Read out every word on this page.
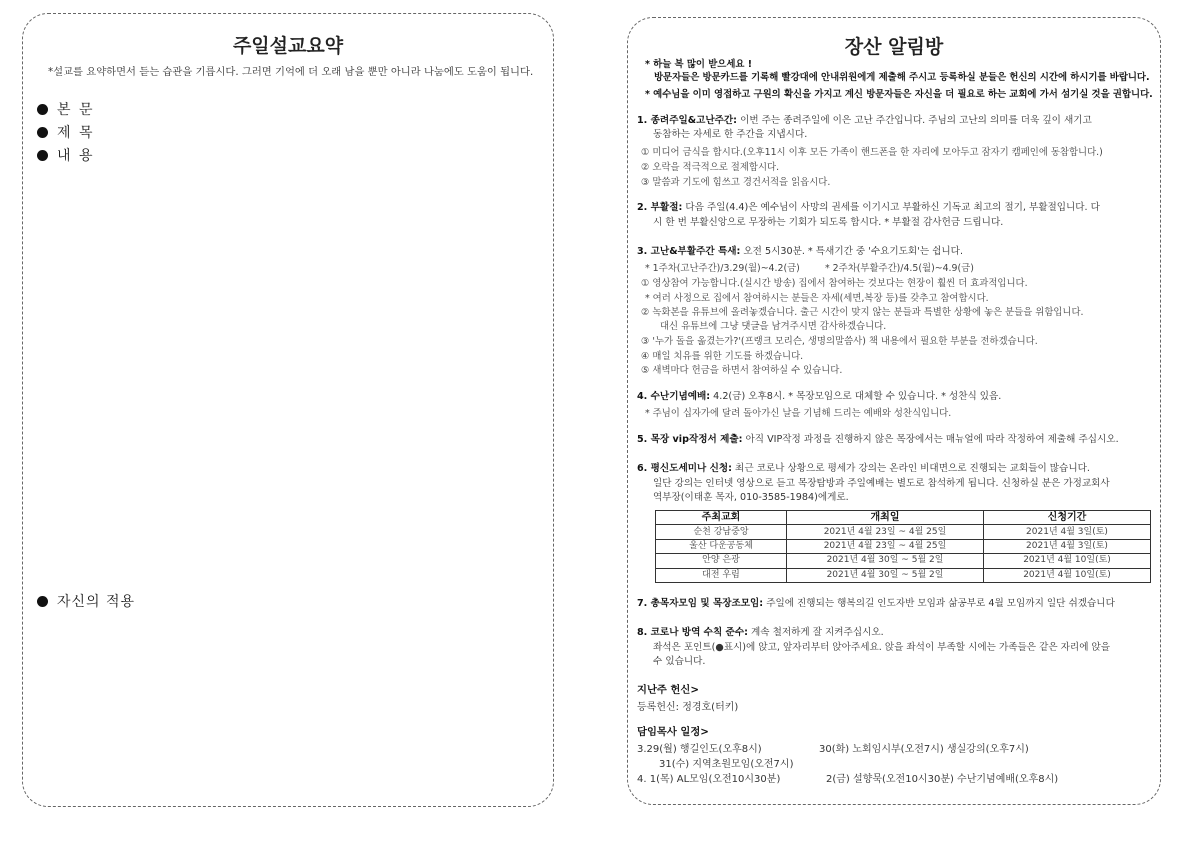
주일설교요약
*설교를 요약하면서 듣는 습관을 기릅시다. 그러면 기억에 더 오래 남을 뿐만 아니라 나눔에도 도움이 됩니다.
본 문
제 목
내 용
자신의 적용
장산 알림방
* 하늘 복 많이 받으세요 !
방문자들은 방문카드를 기록해 빨강대에 안내위원에게 제출해 주시고 등록하실 분들은 헌신의 시간에 하시기를 바랍니다.
* 예수님을 이미 영접하고 구원의 확신을 가지고 계신 방문자들은 자신을 더 필요로 하는 교회에 가서 섬기실 것을 권합니다.
1. 종려주일&고난주간: 이번 주는 종려주일에 이은 고난 주간입니다. 주님의 고난의 의미를 더욱 깊이 새기고
동참하는 자세로 한 주간을 지냅시다.
① 미디어 금식을 합시다.(오후11시 이후 모든 가족이 핸드폰을 한 자리에 모아두고 잠자기 캠페인에 동참합니다.)
② 오락을 적극적으로 절제합시다.
③ 말씀과 기도에 힘쓰고 경건서적을 읽읍시다.
2. 부활절: 다음 주일(4.4)은 예수님이 사망의 권세를 이기시고 부활하신 기독교 최고의 절기, 부활절입니다. 다
시 한 번 부활신앙으로 무장하는 기회가 되도록 합시다. * 부활절 감사헌금 드립니다.
3. 고난&부활주간 특새: 오전 5시30분. * 특새기간 중 '수요기도회'는 쉽니다.
* 1주차(고난주간)/3.29(월)~4.2(금)	* 2주차(부활주간)/4.5(월)~4.9(금)
① 영상참여 가능합니다.(실시간 방송) 집에서 참여하는 것보다는 현장이 훨씬 더 효과적입니다.
* 여러 사정으로 집에서 참여하시는 분들은 자세(세면,복장 등)를 갖추고 참여합시다.
② 녹화본을 유튜브에 올려놓겠습니다. 출근 시간이 맞지 않는 분들과 특별한 상황에 놓은 분들을 위함입니다.
대신 유튜브에 그냥 댓글을 남겨주시면 감사하겠습니다.
③ '누가 돌을 옮겼는가?'(프랭크 모리슨, 생명의말씀사) 책 내용에서 필요한 부분을 전하겠습니다.
④ 매일 치유를 위한 기도를 하겠습니다.
⑤ 새벽마다 헌금을 하면서 참여하실 수 있습니다.
4. 수난기념예배: 4.2(금) 오후8시. * 목장모임으로 대체할 수 있습니다. * 성찬식 있음.
* 주님이 십자가에 달려 돌아가신 날을 기념해 드리는 예배와 성찬식입니다.
5. 목장 vip작정서 제출: 아직 VIP작정 과정을 진행하지 않은 목장에서는 매뉴얼에 따라 작정하여 제출해 주십시오.
6. 평신도세미나 신청: 최근 코로나 상황으로 평세가 강의는 온라인 비대면으로 진행되는 교회들이 많습니다.
일단 강의는 인터넷 영상으로 듣고 목장탐방과 주일예배는 별도로 참석하게 됩니다. 신청하실 분은 가정교회사
역부장(이태훈 목자, 010-3585-1984)에게로.
주최교회	개최일	신청기간
순천 강남중앙	2021년 4월 23일 ~ 4월 25일	2021년 4월 3일(토)
울산 다운공동체	2021년 4월 23일 ~ 4월 25일	2021년 4월 3일(토)
안양 은광	2021년 4월 30일 ~ 5월 2일	2021년 4월 10일(토)
대전 우림	2021년 4월 30일 ~ 5월 2일	2021년 4월 10일(토)
7. 총목자모임 및 목장조모임: 주일에 진행되는 행복의길 인도자반 모임과 삶공부로 4월 모임까지 일단 쉬겠습니다
8. 코로나 방역 수칙 준수: 계속 철저하게 잘 지켜주십시오.
좌석은 포인트(●표시)에 앉고, 앞자리부터 앉아주세요. 앉을 좌석이 부족할 시에는 가족들은 같은 자리에 앉을
수 있습니다.
지난주 헌신>
등록헌신: 정경호(터키)
담임목사 일정>
3.29(월) 행길인도(오후8시)	30(화) 노회임시부(오전7시) 생실강의(오후7시)
31(수) 지역초원모임(오전7시)
4. 1(목) AL모임(오전10시30분)	2(금) 설향묵(오전10시30분) 수난기념예배(오후8시)
